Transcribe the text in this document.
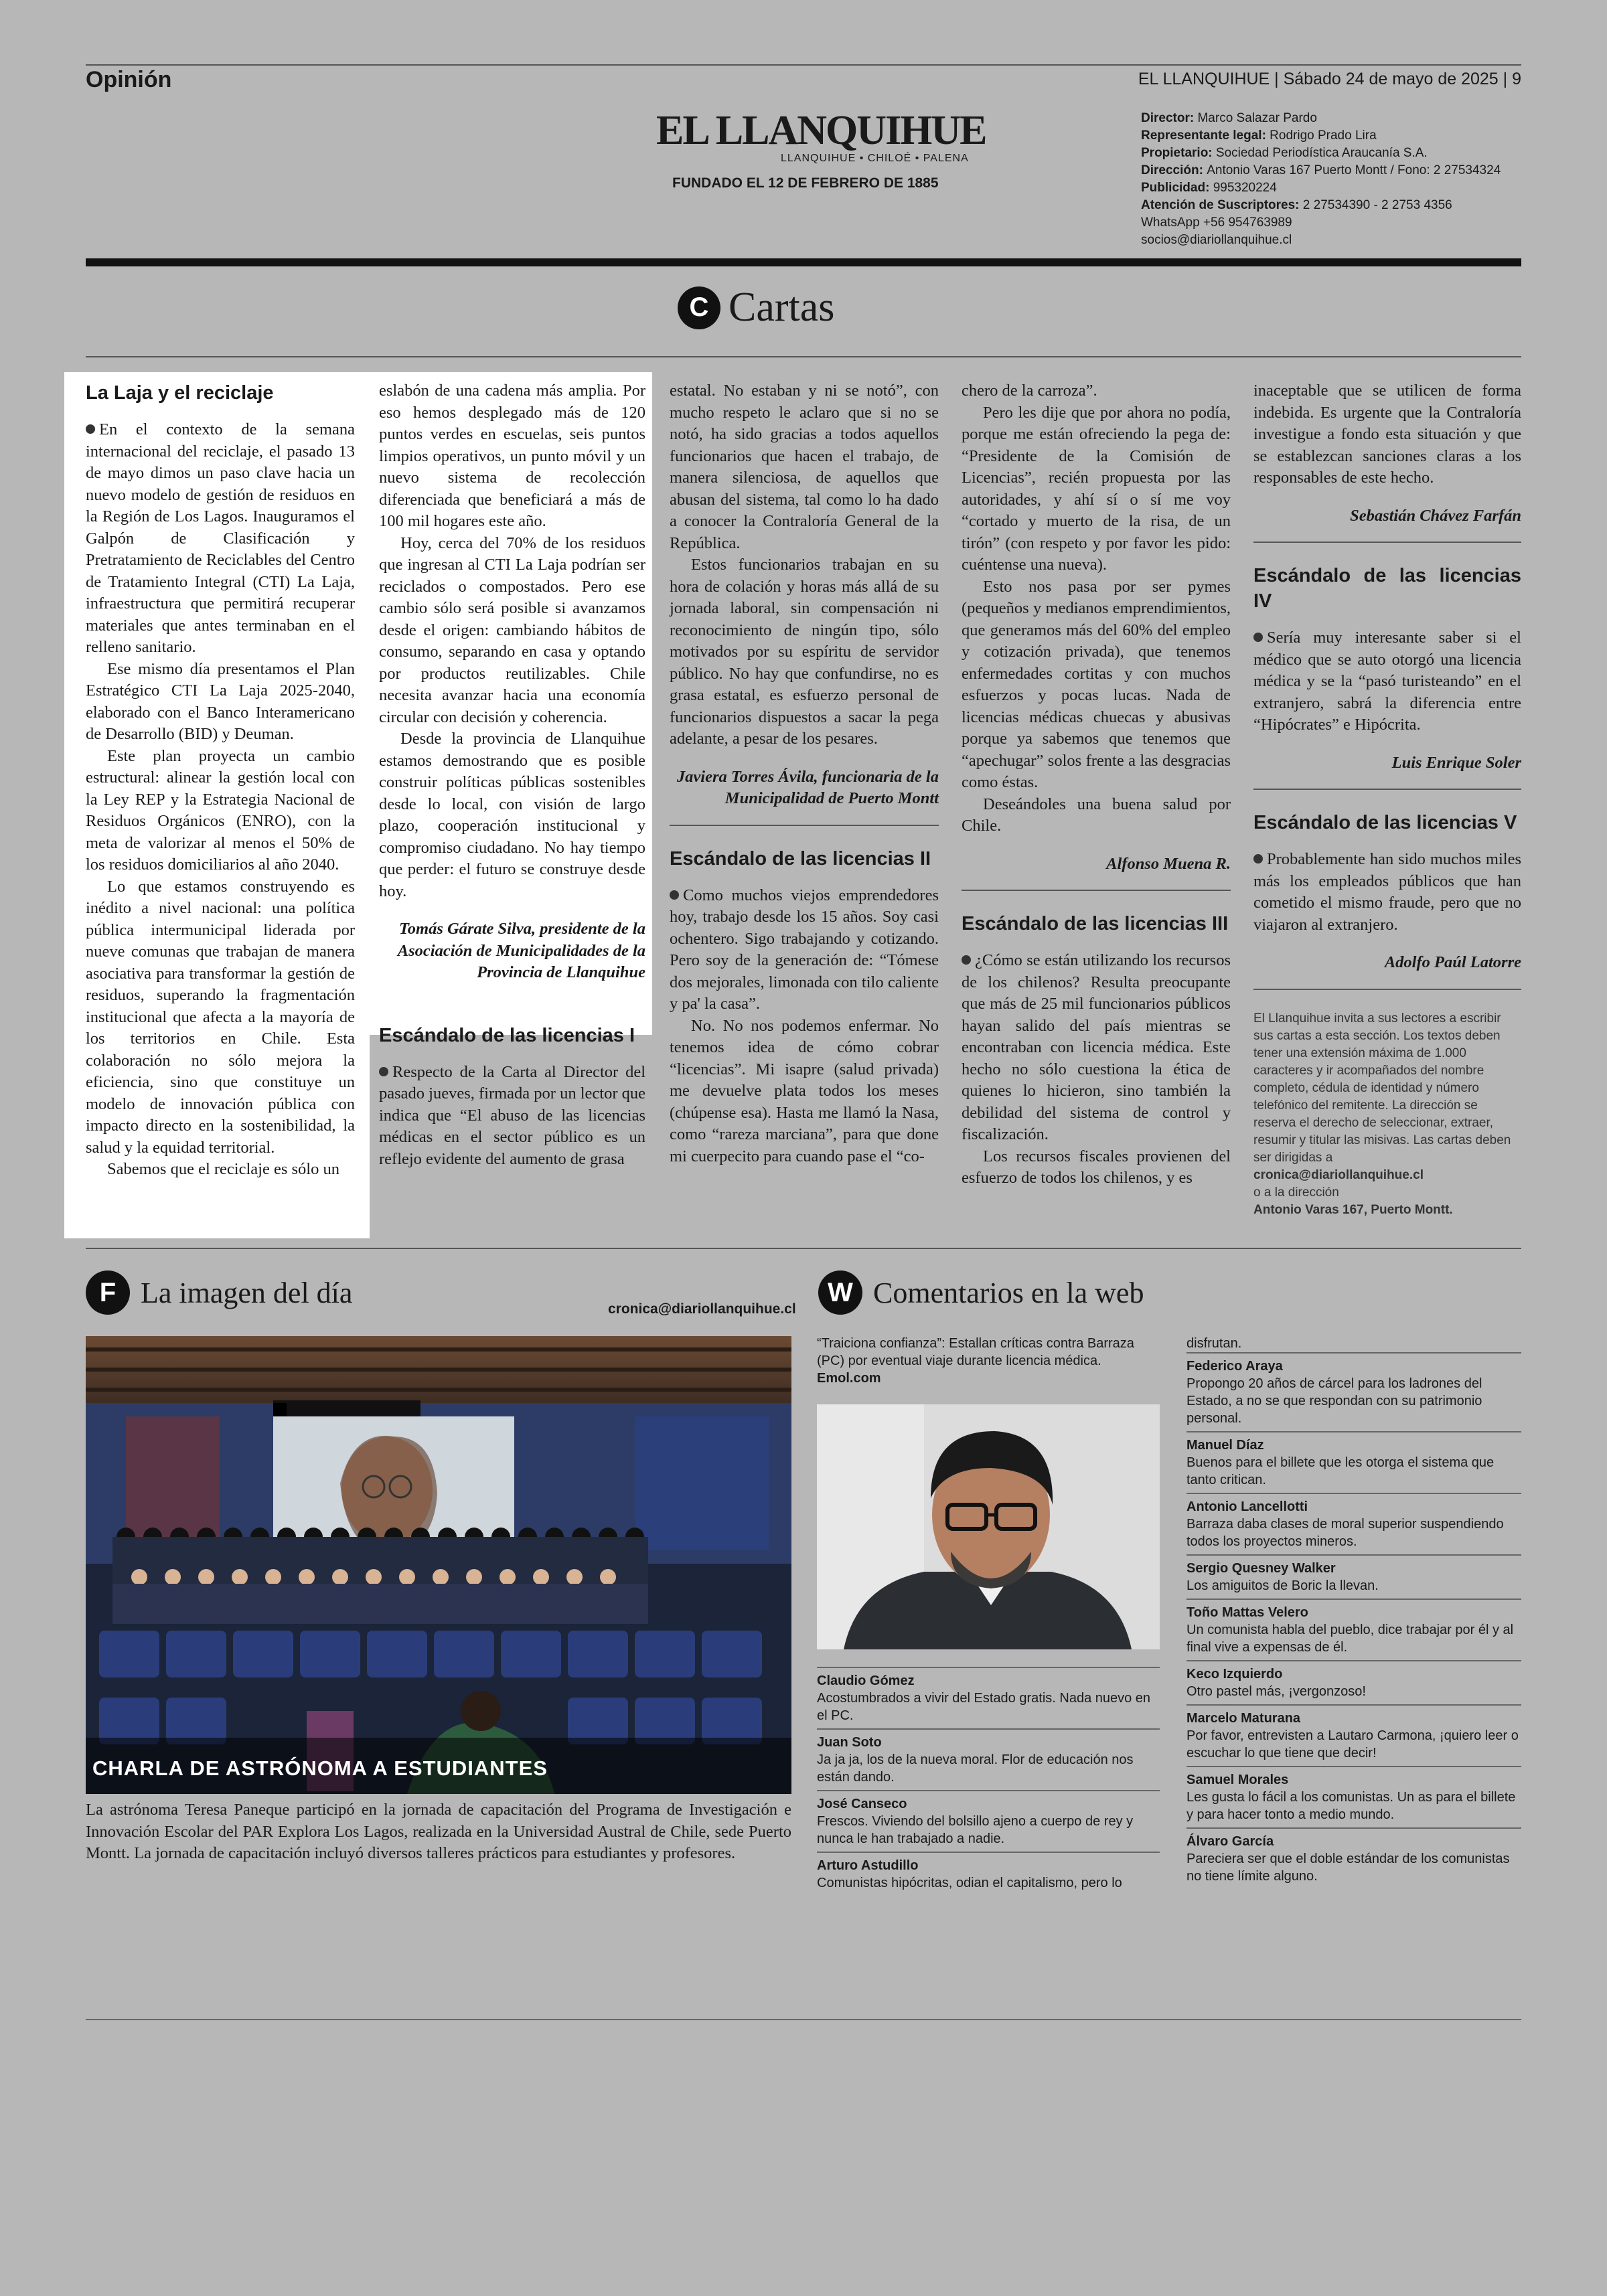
Opinión	EL LLANQUIHUE | Sábado 24 de mayo de 2025 | 9
EL LLANQUIHUE
LLANQUIHUE • CHILOÉ • PALENA
FUNDADO EL 12 DE FEBRERO DE 1885
Director: Marco Salazar Pardo
Representante legal: Rodrigo Prado Lira
Propietario: Sociedad Periodística Araucanía S.A.
Dirección: Antonio Varas 167 Puerto Montt / Fono: 2 27534324
Publicidad: 995320224
Atención de Suscriptores: 2 27534390 - 2 2753 4356
WhatsApp +56 954763989
socios@diariollanquihue.cl
C Cartas

La Laja y el reciclaje

En el contexto de la semana internacional del reciclaje, el pasado 13 de mayo dimos un paso clave hacia un nuevo modelo de gestión de residuos en la Región de Los Lagos. Inauguramos el Galpón de Clasificación y Pretratamiento de Reciclables del Centro de Tratamiento Integral (CTI) La Laja, infraestructura que permitirá recuperar materiales que antes terminaban en el relleno sanitario.

Ese mismo día presentamos el Plan Estratégico CTI La Laja 2025-2040, elaborado con el Banco Interamericano de Desarrollo (BID) y Deuman.

Este plan proyecta un cambio estructural: alinear la gestión local con la Ley REP y la Estrategia Nacional de Residuos Orgánicos (ENRO), con la meta de valorizar al menos el 50% de los residuos domiciliarios al año 2040.

Lo que estamos construyendo es inédito a nivel nacional: una política pública intermunicipal liderada por nueve comunas que trabajan de manera asociativa para transformar la gestión de residuos, superando la fragmentación institucional que afecta a la mayoría de los territorios en Chile. Esta colaboración no sólo mejora la eficiencia, sino que constituye un modelo de innovación pública con impacto directo en la sostenibilidad, la salud y la equidad territorial.

Sabemos que el reciclaje es sólo un

eslabón de una cadena más amplia. Por eso hemos desplegado más de 120 puntos verdes en escuelas, seis puntos limpios operativos, un punto móvil y un nuevo sistema de recolección diferenciada que beneficiará a más de 100 mil hogares este año.

Hoy, cerca del 70% de los residuos que ingresan al CTI La Laja podrían ser reciclados o compostados. Pero ese cambio sólo será posible si avanzamos desde el origen: cambiando hábitos de consumo, separando en casa y optando por productos reutilizables. Chile necesita avanzar hacia una economía circular con decisión y coherencia.

Desde la provincia de Llanquihue estamos demostrando que es posible construir políticas públicas sostenibles desde lo local, con visión de largo plazo, cooperación institucional y compromiso ciudadano. No hay tiempo que perder: el futuro se construye desde hoy.

Tomás Gárate Silva, presidente de la Asociación de Municipalidades de la Provincia de Llanquihue

Escándalo de las licencias I

Respecto de la Carta al Director del pasado jueves, firmada por un lector que indica que “El abuso de las licencias médicas en el sector público es un reflejo evidente del aumento de grasa

estatal. No estaban y ni se notó”, con mucho respeto le aclaro que si no se notó, ha sido gracias a todos aquellos funcionarios que hacen el trabajo, de manera silenciosa, de aquellos que abusan del sistema, tal como lo ha dado a conocer la Contraloría General de la República.

Estos funcionarios trabajan en su hora de colación y horas más allá de su jornada laboral, sin compensación ni reconocimiento de ningún tipo, sólo motivados por su espíritu de servidor público. No hay que confundirse, no es grasa estatal, es esfuerzo personal de funcionarios dispuestos a sacar la pega adelante, a pesar de los pesares.

Javiera Torres Ávila, funcionaria de la Municipalidad de Puerto Montt

Escándalo de las licencias II

Como muchos viejos emprendedores hoy, trabajo desde los 15 años. Soy casi ochentero. Sigo trabajando y cotizando. Pero soy de la generación de: “Tómese dos mejorales, limonada con tilo caliente y pa' la casa”.

No. No nos podemos enfermar. No tenemos idea de cómo cobrar “licencias”. Mi isapre (salud privada) me devuelve plata todos los meses (chúpense esa). Hasta me llamó la Nasa, como “rareza marciana”, para que done mi cuerpecito para cuando pase el “co-

chero de la carroza”.

Pero les dije que por ahora no podía, porque me están ofreciendo la pega de: “Presidente de la Comisión de Licencias”, recién propuesta por las autoridades, y ahí sí o sí me voy “cortado y muerto de la risa, de un tirón” (con respeto y por favor les pido: cuéntense una nueva).

Esto nos pasa por ser pymes (pequeños y medianos emprendimientos, que generamos más del 60% del empleo y cotización privada), que tenemos enfermedades cortitas y con muchos esfuerzos y pocas lucas. Nada de licencias médicas chuecas y abusivas porque ya sabemos que tenemos que “apechugar” solos frente a las desgracias como éstas.

Deseándoles una buena salud por Chile.

Alfonso Muena R.

Escándalo de las licencias III

¿Cómo se están utilizando los recursos de los chilenos? Resulta preocupante que más de 25 mil funcionarios públicos hayan salido del país mientras se encontraban con licencia médica. Este hecho no sólo cuestiona la ética de quienes lo hicieron, sino también la debilidad del sistema de control y fiscalización.

Los recursos fiscales provienen del esfuerzo de todos los chilenos, y es

inaceptable que se utilicen de forma indebida. Es urgente que la Contraloría investigue a fondo esta situación y que se establezcan sanciones claras a los responsables de este hecho.

Sebastián Chávez Farfán

Escándalo de las licencias IV

Sería muy interesante saber si el médico que se auto otorgó una licencia médica y se la “pasó turisteando” en el extranjero, sabrá la diferencia entre “Hipócrates” e Hipócrita.

Luis Enrique Soler

Escándalo de las licencias V

Probablemente han sido muchos miles más los empleados públicos que han cometido el mismo fraude, pero que no viajaron al extranjero.

Adolfo Paúl Latorre

El Llanquihue invita a sus lectores a escribir sus cartas a esta sección. Los textos deben tener una extensión máxima de 1.000 caracteres y ir acompañados del nombre completo, cédula de identidad y número telefónico del remitente. La dirección se reserva el derecho de seleccionar, extraer, resumir y titular las misivas. Las cartas deben ser dirigidas a
cronica@diariollanquihue.cl
o a la dirección
Antonio Varas 167, Puerto Montt.
F La imagen del día	cronica@diariollanquihue.cl
CHARLA DE ASTRÓNOMA A ESTUDIANTES
La astrónoma Teresa Paneque participó en la jornada de capacitación del Programa de Investigación e Innovación Escolar del PAR Explora Los Lagos, realizada en la Universidad Austral de Chile, sede Puerto Montt. La jornada de capacitación incluyó diversos talleres prácticos para estudiantes y profesores.
W Comentarios en la web
“Traiciona confianza”: Estallan críticas contra Barraza (PC) por eventual viaje durante licencia médica. Emol.com
Claudio Gómez
Acostumbrados a vivir del Estado gratis. Nada nuevo en el PC.
Juan Soto
Ja ja ja, los de la nueva moral. Flor de educación nos están dando.
José Canseco
Frescos. Viviendo del bolsillo ajeno a cuerpo de rey y nunca le han trabajado a nadie.
Arturo Astudillo
Comunistas hipócritas, odian el capitalismo, pero lo
disfrutan.
Federico Araya
Propongo 20 años de cárcel para los ladrones del Estado, a no se que respondan con su patrimonio personal.
Manuel Díaz
Buenos para el billete que les otorga el sistema que tanto critican.
Antonio Lancellotti
Barraza daba clases de moral superior suspendiendo todos los proyectos mineros.
Sergio Quesney Walker
Los amiguitos de Boric la llevan.
Toño Mattas Velero
Un comunista habla del pueblo, dice trabajar por él y al final vive a expensas de él.
Keco Izquierdo
Otro pastel más, ¡vergonzoso!
Marcelo Maturana
Por favor, entrevisten a Lautaro Carmona, ¡quiero leer o escuchar lo que tiene que decir!
Samuel Morales
Les gusta lo fácil a los comunistas. Un as para el billete y para hacer tonto a medio mundo.
Álvaro García
Pareciera ser que el doble estándar de los comunistas no tiene límite alguno.
